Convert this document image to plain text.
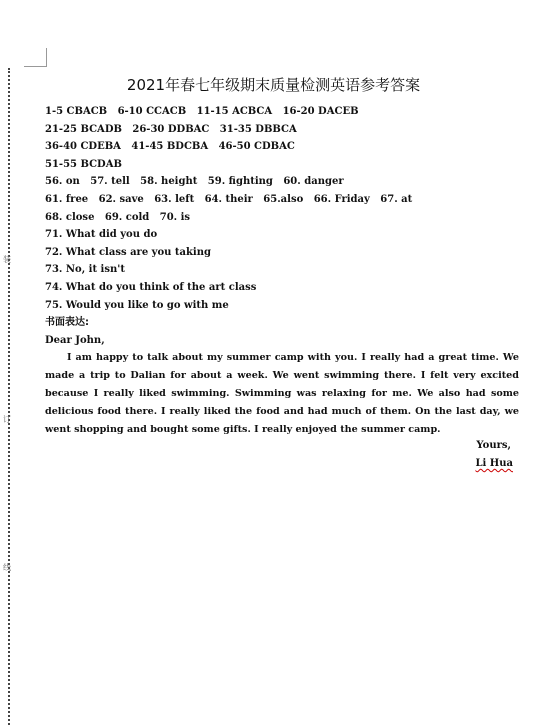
装
订
线
2021年春七年级期末质量检测英语参考答案
1-5 CBACB   6-10 CCACB   11-15 ACBCA   16-20 DACEB
21-25 BCADB   26-30 DDBAC   31-35 DBBCA
36-40 CDEBA   41-45 BDCBA   46-50 CDBAC
51-55 BCDAB
56. on   57. tell   58. height   59. fighting   60. danger
61. free   62. save   63. left   64. their   65.also   66. Friday   67. at
68. close   69. cold   70. is
71. What did you do
72. What class are you taking
73. No, it isn't
74. What do you think of the art class
75. Would you like to go with me
书面表达:
Dear John,
I am happy to talk about my summer camp with you. I really had a great time. We made a trip to Dalian for about a week. We went swimming there. I felt very excited because I really liked swimming. Swimming was relaxing for me. We also had some delicious food there. I really liked the food and had much of them. On the last day, we went shopping and bought some gifts. I really enjoyed the summer camp.
Yours,
Li Hua
